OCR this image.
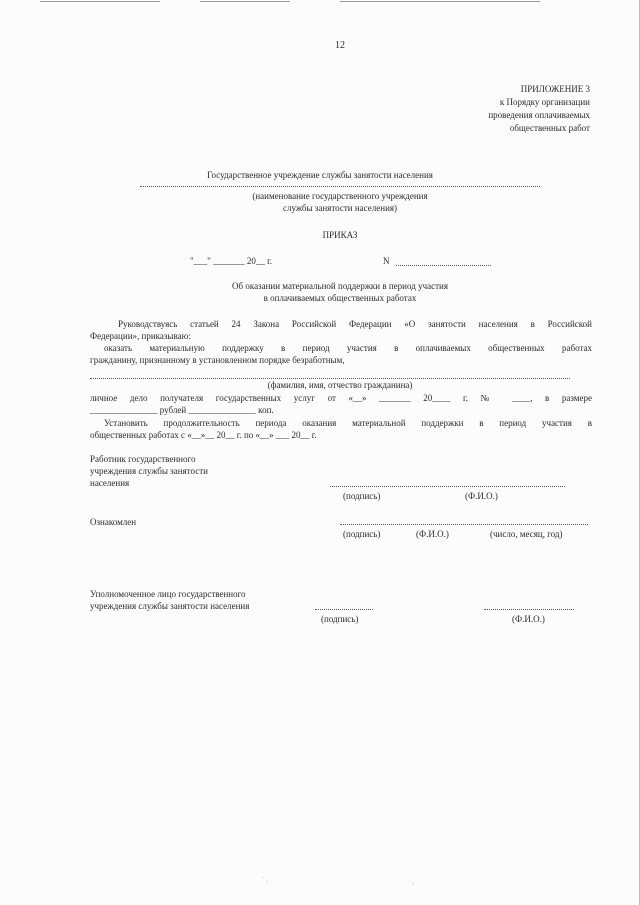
12
ПРИЛОЖЕНИЕ 3
к Порядку организации
проведения оплачиваемых
общественных работ
Государственное учреждение службы занятости населения
(наименование государственного учреждения
службы занятости населения)
ПРИКАЗ
"___" _______ 20__ г.	N
Об оказании материальной поддержки в период участия
в оплачиваемых общественных работах
Руководствуясь статьей 24 Закона Российской Федерации «О занятости населения в Российской
Федерации», приказываю:
оказать материальную поддержку в период участия в оплачиваемых общественных работах
гражданину, признанному в установленном порядке безработным,
(фамилия, имя, отчество гражданина)
личное дело получателя государственных услуг от «__» _______ 20____ г. № ____, в размере
_______________ рублей _______________ коп.
Установить продолжительность периода оказания материальной поддержки в период участия в
общественных работах с «__»__ 20__ г. по «__» ___ 20__ г.
Работник государственного
учреждения службы занятости
населения
(подпись)	(Ф.И.О.)
Ознакомлен
(подпись)	(Ф.И.О.)	(число, месяц, год)
Уполномоченное лицо государственного
учреждения службы занятости населения
(подпись)	(Ф.И.О.)
˙ .	·
